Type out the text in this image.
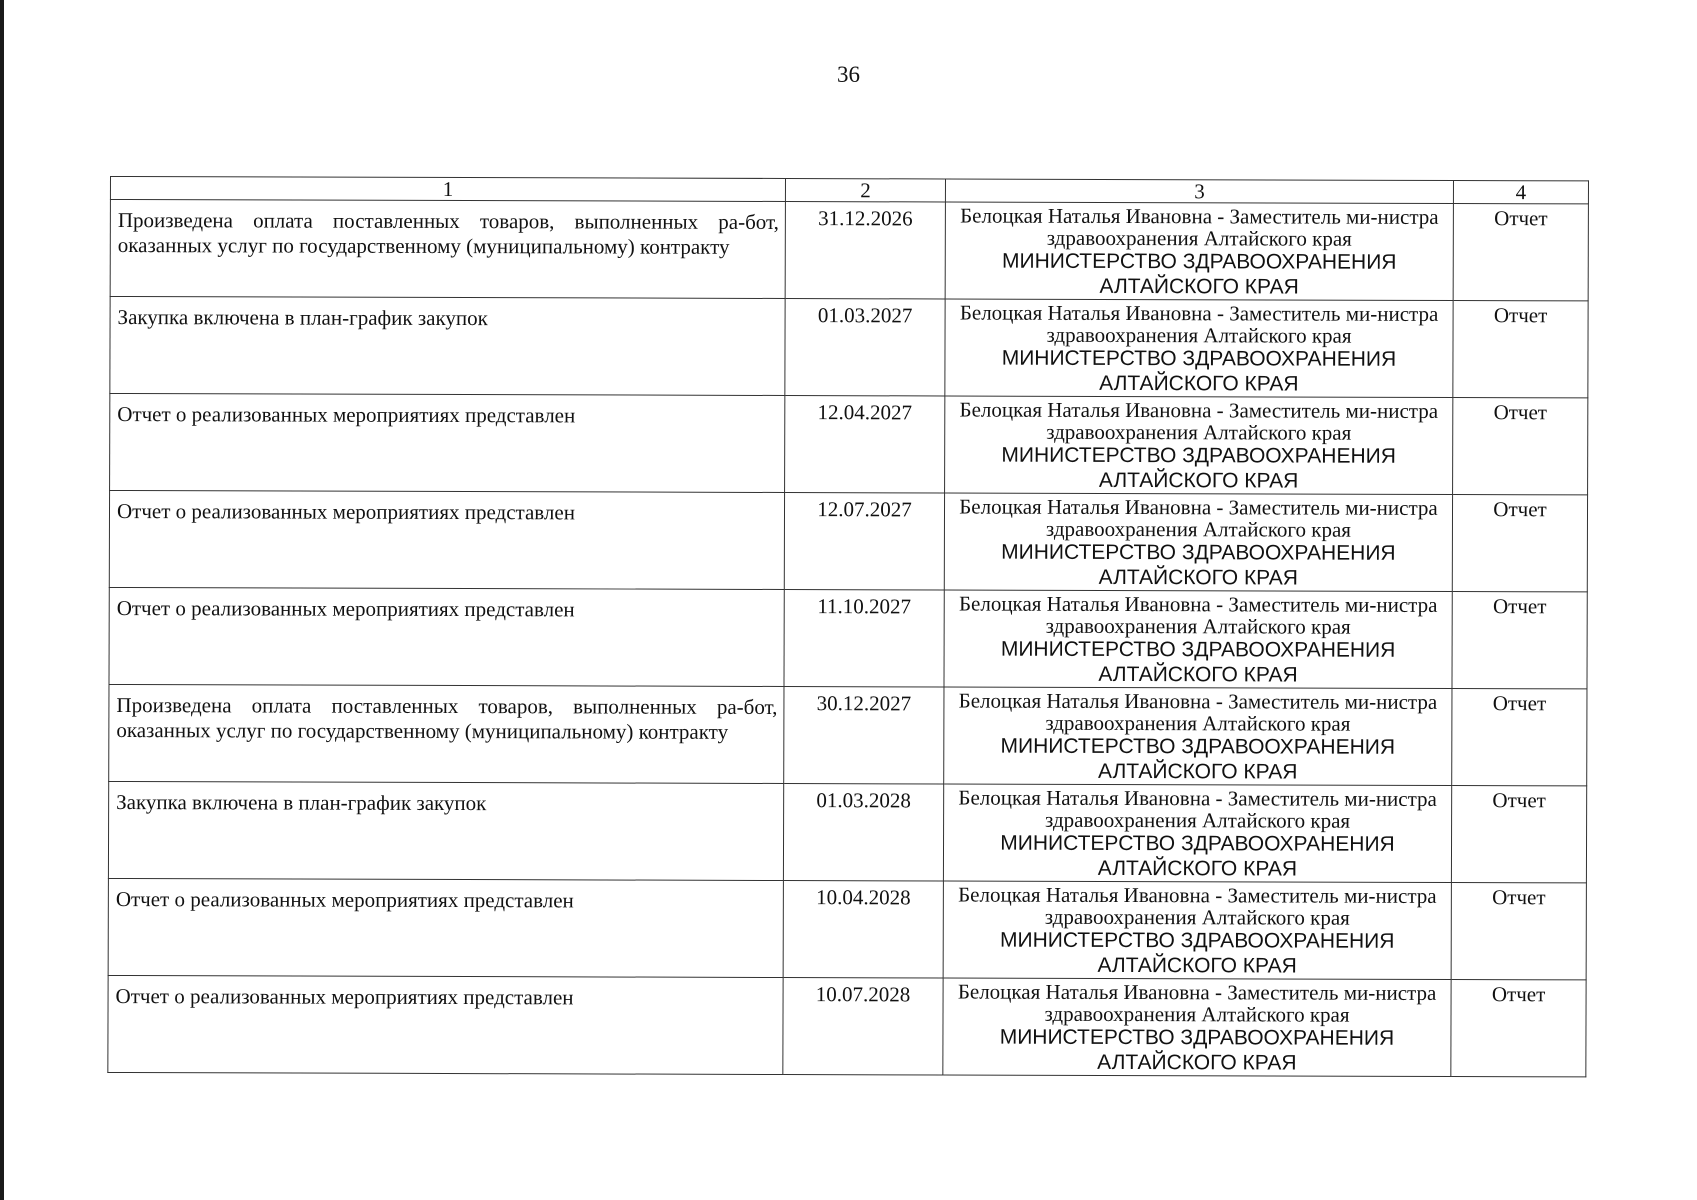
36
1	2	3	4
Произведена оплата поставленных товаров, выполненных ра-бот, оказанных услуг по государственному (муниципальному) контракту	31.12.2026	Белоцкая Наталья Ивановна - Заместитель ми-нистра здравоохранения Алтайского края
МИНИСТЕРСТВО ЗДРАВООХРАНЕНИЯ АЛТАЙСКОГО КРАЯ	Отчет
Закупка включена в план-график закупок	01.03.2027	Белоцкая Наталья Ивановна - Заместитель ми-нистра здравоохранения Алтайского края
МИНИСТЕРСТВО ЗДРАВООХРАНЕНИЯ АЛТАЙСКОГО КРАЯ	Отчет
Отчет о реализованных мероприятиях представлен	12.04.2027	Белоцкая Наталья Ивановна - Заместитель ми-нистра здравоохранения Алтайского края
МИНИСТЕРСТВО ЗДРАВООХРАНЕНИЯ АЛТАЙСКОГО КРАЯ	Отчет
Отчет о реализованных мероприятиях представлен	12.07.2027	Белоцкая Наталья Ивановна - Заместитель ми-нистра здравоохранения Алтайского края
МИНИСТЕРСТВО ЗДРАВООХРАНЕНИЯ АЛТАЙСКОГО КРАЯ	Отчет
Отчет о реализованных мероприятиях представлен	11.10.2027	Белоцкая Наталья Ивановна - Заместитель ми-нистра здравоохранения Алтайского края
МИНИСТЕРСТВО ЗДРАВООХРАНЕНИЯ АЛТАЙСКОГО КРАЯ	Отчет
Произведена оплата поставленных товаров, выполненных ра-бот, оказанных услуг по государственному (муниципальному) контракту	30.12.2027	Белоцкая Наталья Ивановна - Заместитель ми-нистра здравоохранения Алтайского края
МИНИСТЕРСТВО ЗДРАВООХРАНЕНИЯ АЛТАЙСКОГО КРАЯ	Отчет
Закупка включена в план-график закупок	01.03.2028	Белоцкая Наталья Ивановна - Заместитель ми-нистра здравоохранения Алтайского края
МИНИСТЕРСТВО ЗДРАВООХРАНЕНИЯ АЛТАЙСКОГО КРАЯ	Отчет
Отчет о реализованных мероприятиях представлен	10.04.2028	Белоцкая Наталья Ивановна - Заместитель ми-нистра здравоохранения Алтайского края
МИНИСТЕРСТВО ЗДРАВООХРАНЕНИЯ АЛТАЙСКОГО КРАЯ	Отчет
Отчет о реализованных мероприятиях представлен	10.07.2028	Белоцкая Наталья Ивановна - Заместитель ми-нистра здравоохранения Алтайского края
МИНИСТЕРСТВО ЗДРАВООХРАНЕНИЯ АЛТАЙСКОГО КРАЯ	Отчет
